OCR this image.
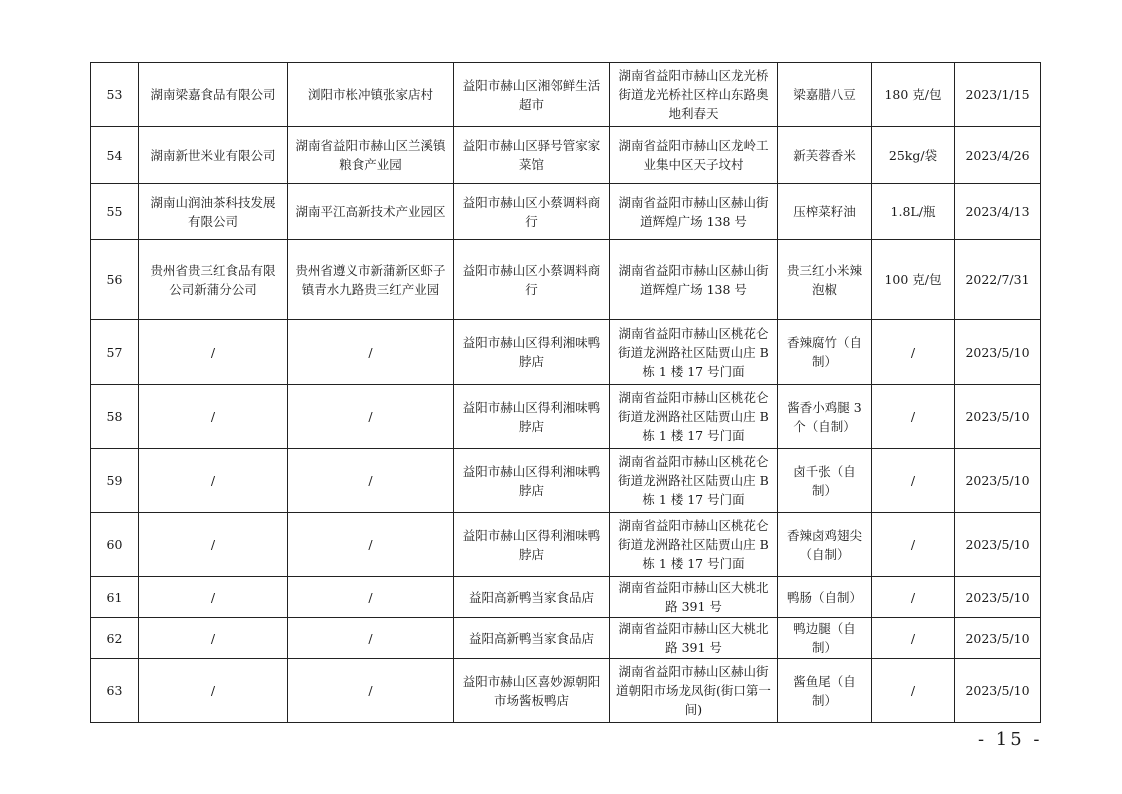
53	湖南梁嘉食品有限公司	浏阳市枨冲镇张家店村	益阳市赫山区湘邻鲜生活超市	湖南省益阳市赫山区龙光桥街道龙光桥社区梓山东路奥地利春天	梁嘉腊八豆	180 克/包	2023/1/15
54	湖南新世米业有限公司	湖南省益阳市赫山区兰溪镇粮食产业园	益阳市赫山区驿号管家家菜馆	湖南省益阳市赫山区龙岭工业集中区天子坟村	新芙蓉香米	25kg/袋	2023/4/26
55	湖南山润油茶科技发展有限公司	湖南平江高新技术产业园区	益阳市赫山区小蔡调料商行	湖南省益阳市赫山区赫山街道辉煌广场 138 号	压榨菜籽油	1.8L/瓶	2023/4/13
56	贵州省贵三红食品有限公司新蒲分公司	贵州省遵义市新蒲新区虾子镇青水九路贵三红产业园	益阳市赫山区小蔡调料商行	湖南省益阳市赫山区赫山街道辉煌广场 138 号	贵三红小米辣泡椒	100 克/包	2022/7/31
57	/	/	益阳市赫山区得利湘味鸭脖店	湖南省益阳市赫山区桃花仑街道龙洲路社区陆贾山庄 B 栋 1 楼 17 号门面	香辣腐竹（自制）	/	2023/5/10
58	/	/	益阳市赫山区得利湘味鸭脖店	湖南省益阳市赫山区桃花仑街道龙洲路社区陆贾山庄 B 栋 1 楼 17 号门面	酱香小鸡腿 3 个（自制）	/	2023/5/10
59	/	/	益阳市赫山区得利湘味鸭脖店	湖南省益阳市赫山区桃花仑街道龙洲路社区陆贾山庄 B 栋 1 楼 17 号门面	卤千张（自制）	/	2023/5/10
60	/	/	益阳市赫山区得利湘味鸭脖店	湖南省益阳市赫山区桃花仑街道龙洲路社区陆贾山庄 B 栋 1 楼 17 号门面	香辣卤鸡翅尖（自制）	/	2023/5/10
61	/	/	益阳高新鸭当家食品店	湖南省益阳市赫山区大桃北路 391 号	鸭肠（自制）	/	2023/5/10
62	/	/	益阳高新鸭当家食品店	湖南省益阳市赫山区大桃北路 391 号	鸭边腿（自制）	/	2023/5/10
63	/	/	益阳市赫山区喜妙源朝阳市场酱板鸭店	湖南省益阳市赫山区赫山街道朝阳市场龙凤街(街口第一间)	酱鱼尾（自制）	/	2023/5/10
- 15 -
